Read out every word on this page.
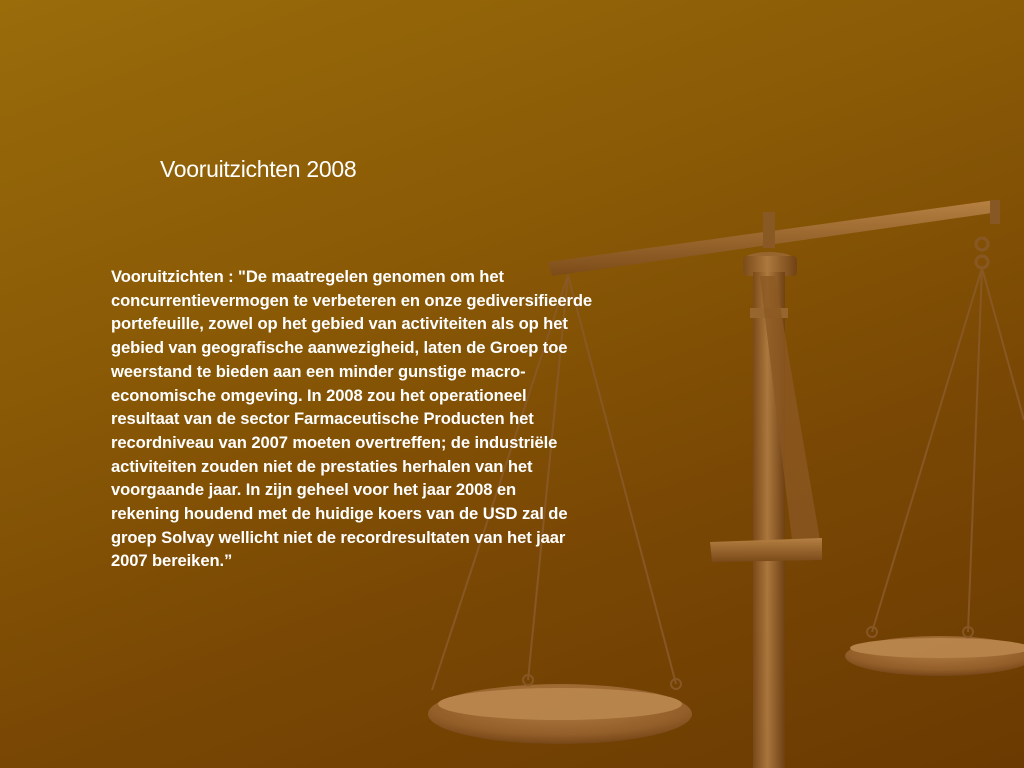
Vooruitzichten 2008

Vooruitzichten : "De maatregelen genomen om het
concurrentievermogen te verbeteren en onze gediversifieerde
portefeuille, zowel op het gebied van activiteiten als op het
gebied van geografische aanwezigheid, laten de Groep toe
weerstand te bieden aan een minder gunstige macro-
economische omgeving. In 2008 zou het operationeel
resultaat van de sector Farmaceutische Producten het
recordniveau van 2007 moeten overtreffen; de industriële
activiteiten zouden niet de prestaties herhalen van het
voorgaande jaar. In zijn geheel voor het jaar 2008 en
rekening houdend met de huidige koers van de USD zal de
groep Solvay wellicht niet de recordresultaten van het jaar
2007 bereiken.”
